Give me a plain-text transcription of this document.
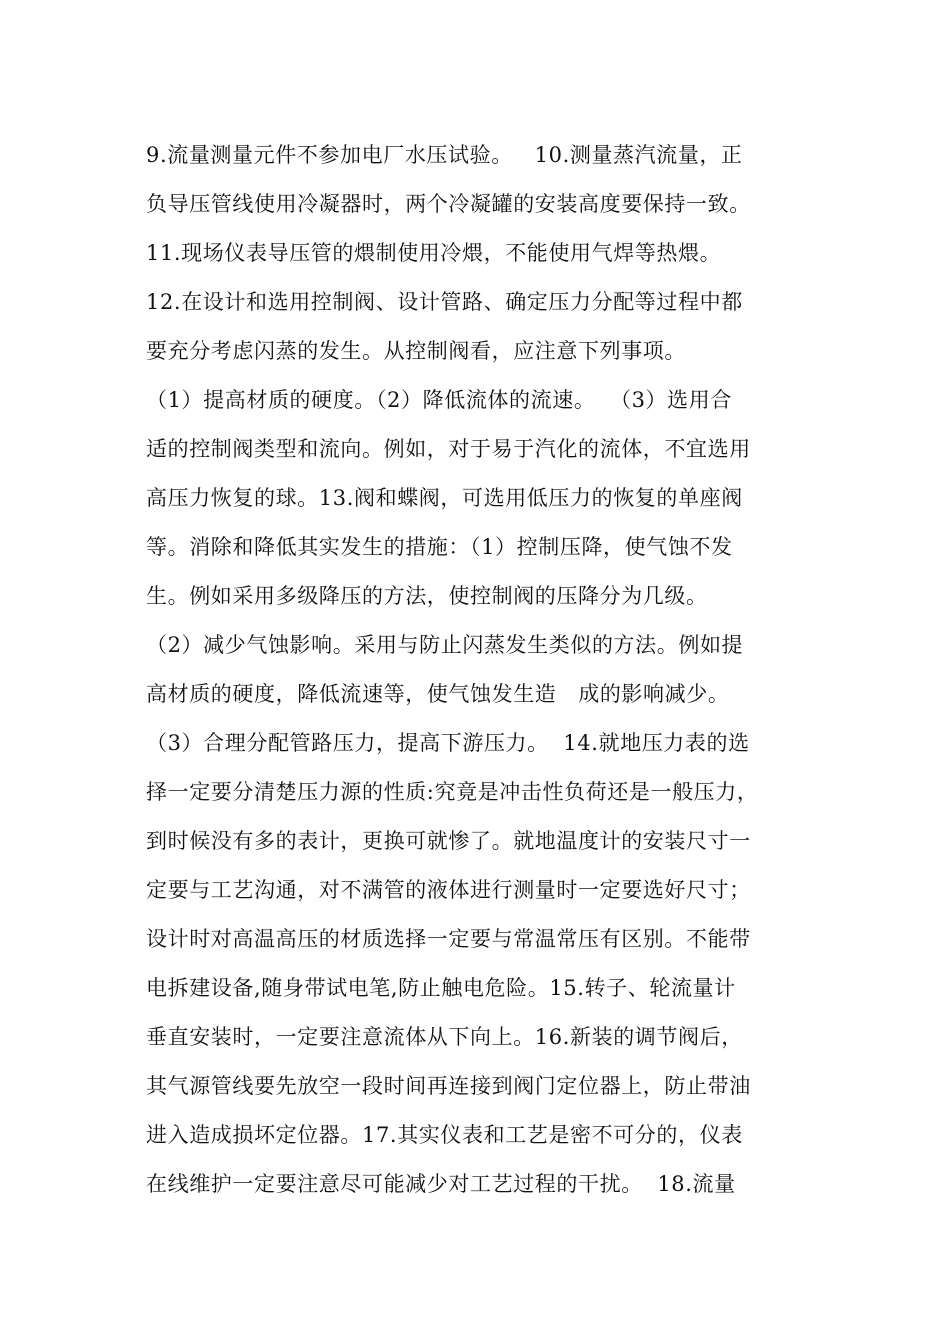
9.流量测量元件不参加电厂水压试验。   10.测量蒸汽流量，正
负导压管线使用冷凝器时，两个冷凝罐的安装高度要保持一致。
11.现场仪表导压管的煨制使用冷煨，不能使用气焊等热煨。
12.在设计和选用控制阀、设计管路、确定压力分配等过程中都
要充分考虑闪蒸的发生。从控制阀看，应注意下列事项。
（1）提高材质的硬度。（2）降低流体的流速。  （3）选用合
适的控制阀类型和流向。例如，对于易于汽化的流体，不宜选用
高压力恢复的球。13.阀和蝶阀，可选用低压力的恢复的单座阀
等。消除和降低其实发生的措施：（1）控制压降，使气蚀不发
生。例如采用多级降压的方法，使控制阀的压降分为几级。
（2）减少气蚀影响。采用与防止闪蒸发生类似的方法。例如提
高材质的硬度，降低流速等，使气蚀发生造   成的影响减少。
（3）合理分配管路压力，提高下游压力。  14.就地压力表的选
择一定要分清楚压力源的性质:究竟是冲击性负荷还是一般压力，
到时候没有多的表计，更换可就惨了。就地温度计的安装尺寸一
定要与工艺沟通，对不满管的液体进行测量时一定要选好尺寸；
设计时对高温高压的材质选择一定要与常温常压有区别。不能带
电拆建设备,随身带试电笔,防止触电危险。15.转子、轮流量计
垂直安装时，一定要注意流体从下向上。16.新装的调节阀后，
其气源管线要先放空一段时间再连接到阀门定位器上，防止带油
进入造成损坏定位器。17.其实仪表和工艺是密不可分的，仪表
在线维护一定要注意尽可能减少对工艺过程的干扰。  18.流量
